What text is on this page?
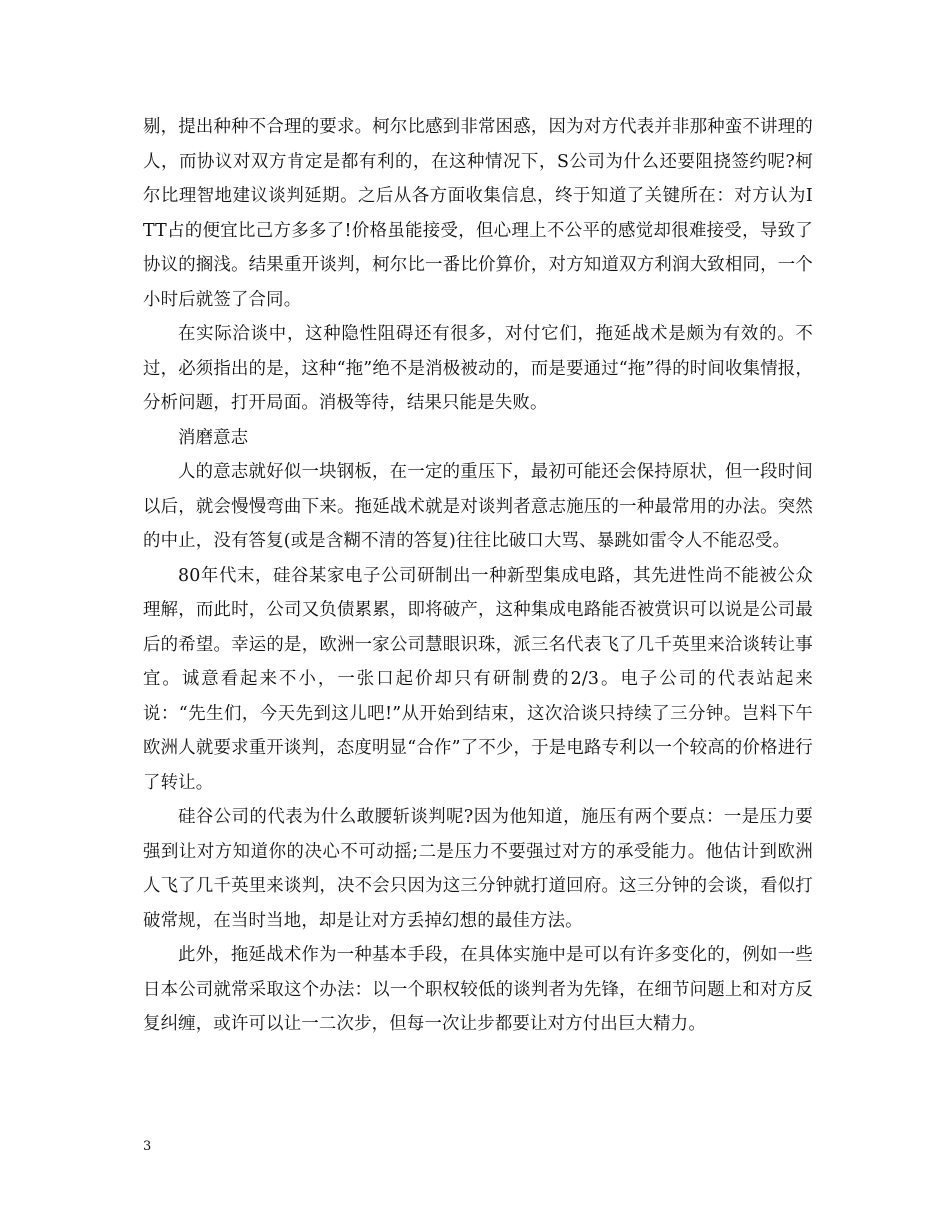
剔，提出种种不合理的要求。柯尔比感到非常困惑，因为对方代表并非那种蛮不讲理的人，而协议对双方肯定是都有利的，在这种情况下，S公司为什么还要阻挠签约呢?柯尔比理智地建议谈判延期。之后从各方面收集信息，终于知道了关键所在：对方认为ITT占的便宜比己方多多了!价格虽能接受，但心理上不公平的感觉却很难接受，导致了协议的搁浅。结果重开谈判，柯尔比一番比价算价，对方知道双方利润大致相同，一个小时后就签了合同。

在实际洽谈中，这种隐性阻碍还有很多，对付它们，拖延战术是颇为有效的。不过，必须指出的是，这种“拖”绝不是消极被动的，而是要通过“拖”得的时间收集情报，分析问题，打开局面。消极等待，结果只能是失败。

消磨意志

人的意志就好似一块钢板，在一定的重压下，最初可能还会保持原状，但一段时间以后，就会慢慢弯曲下来。拖延战术就是对谈判者意志施压的一种最常用的办法。突然的中止，没有答复(或是含糊不清的答复)往往比破口大骂、暴跳如雷令人不能忍受。

80年代末，硅谷某家电子公司研制出一种新型集成电路，其先进性尚不能被公众理解，而此时，公司又负债累累，即将破产，这种集成电路能否被赏识可以说是公司最后的希望。幸运的是，欧洲一家公司慧眼识珠，派三名代表飞了几千英里来洽谈转让事宜。诚意看起来不小，一张口起价却只有研制费的2/3。电子公司的代表站起来说：“先生们，今天先到这儿吧!”从开始到结束，这次洽谈只持续了三分钟。岂料下午欧洲人就要求重开谈判，态度明显“合作”了不少，于是电路专利以一个较高的价格进行了转让。

硅谷公司的代表为什么敢腰斩谈判呢?因为他知道，施压有两个要点：一是压力要强到让对方知道你的决心不可动摇;二是压力不要强过对方的承受能力。他估计到欧洲人飞了几千英里来谈判，决不会只因为这三分钟就打道回府。这三分钟的会谈，看似打破常规，在当时当地，却是让对方丢掉幻想的最佳方法。

此外，拖延战术作为一种基本手段，在具体实施中是可以有许多变化的，例如一些日本公司就常采取这个办法：以一个职权较低的谈判者为先锋，在细节问题上和对方反复纠缠，或许可以让一二次步，但每一次让步都要让对方付出巨大精力。

3
